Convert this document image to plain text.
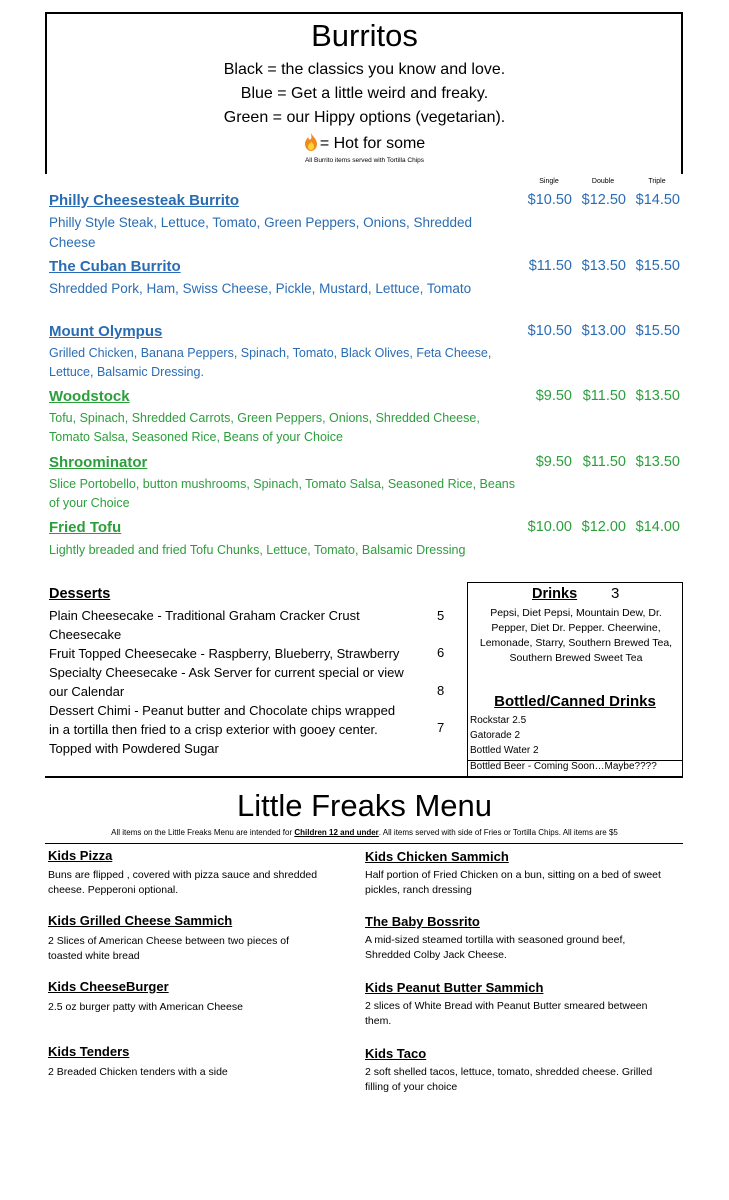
Burritos
Black = the classics you know and love.
Blue = Get a little weird and freaky.
Green = our Hippy options (vegetarian).
= Hot for some
All Burrito items served with Tortilla Chips
Single	Double	Triple
Philly Cheesesteak Burrito
Philly Style Steak, Lettuce, Tomato, Green Peppers, Onions, Shredded Cheese
$10.50 $12.50 $14.50
The Cuban Burrito
Shredded Pork, Ham, Swiss Cheese, Pickle, Mustard, Lettuce, Tomato
$11.50 $13.50 $15.50
Mount Olympus
Grilled Chicken, Banana Peppers, Spinach, Tomato, Black Olives, Feta Cheese, Lettuce, Balsamic Dressing.
$10.50 $13.00 $15.50
Woodstock
Tofu, Spinach, Shredded Carrots, Green Peppers, Onions, Shredded Cheese, Tomato Salsa, Seasoned Rice, Beans of your Choice
$9.50 $11.50 $13.50
Shroominator
Slice Portobello, button mushrooms, Spinach, Tomato Salsa, Seasoned Rice, Beans of your Choice
$9.50 $11.50 $13.50
Fried Tofu
Lightly breaded and fried Tofu Chunks, Lettuce, Tomato, Balsamic Dressing
$10.00 $12.00 $14.00
Desserts
Plain Cheesecake - Traditional Graham Cracker Crust
Cheesecake
Fruit Topped Cheesecake - Raspberry, Blueberry, Strawberry
Specialty Cheesecake - Ask Server for current special or view
our Calendar
Dessert Chimi - Peanut butter and Chocolate chips wrapped
in a tortilla then fried to a crisp exterior with gooey center.
Topped with Powdered Sugar
5
6
8
7
Drinks 3
Pepsi, Diet Pepsi, Mountain Dew, Dr. Pepper, Diet Dr. Pepper. Cheerwine, Lemonade, Starry, Southern Brewed Tea, Southern Brewed Sweet Tea
Bottled/Canned Drinks
Rockstar 2.5
Gatorade 2
Bottled Water 2
Bottled Beer - Coming Soon…Maybe????
Little Freaks Menu
All items on the Little Freaks Menu are intended for Children 12 and under. All items served with side of Fries or Tortilla Chips. All items are $5
Kids Pizza
Buns are flipped , covered with pizza sauce and shredded cheese. Pepperoni optional.
Kids Grilled Cheese Sammich
2 Slices of American Cheese between two pieces of toasted white bread
Kids CheeseBurger
2.5 oz burger patty with American Cheese
Kids Tenders
2 Breaded Chicken tenders with a side
Kids Chicken Sammich
Half portion of Fried Chicken on a bun, sitting on a bed of sweet pickles, ranch dressing
The Baby Bossrito
A mid-sized steamed tortilla with seasoned ground beef, Shredded Colby Jack Cheese.
Kids Peanut Butter Sammich
2 slices of White Bread with Peanut Butter smeared between them.
Kids Taco
2 soft shelled tacos, lettuce, tomato, shredded cheese. Grilled filling of your choice
